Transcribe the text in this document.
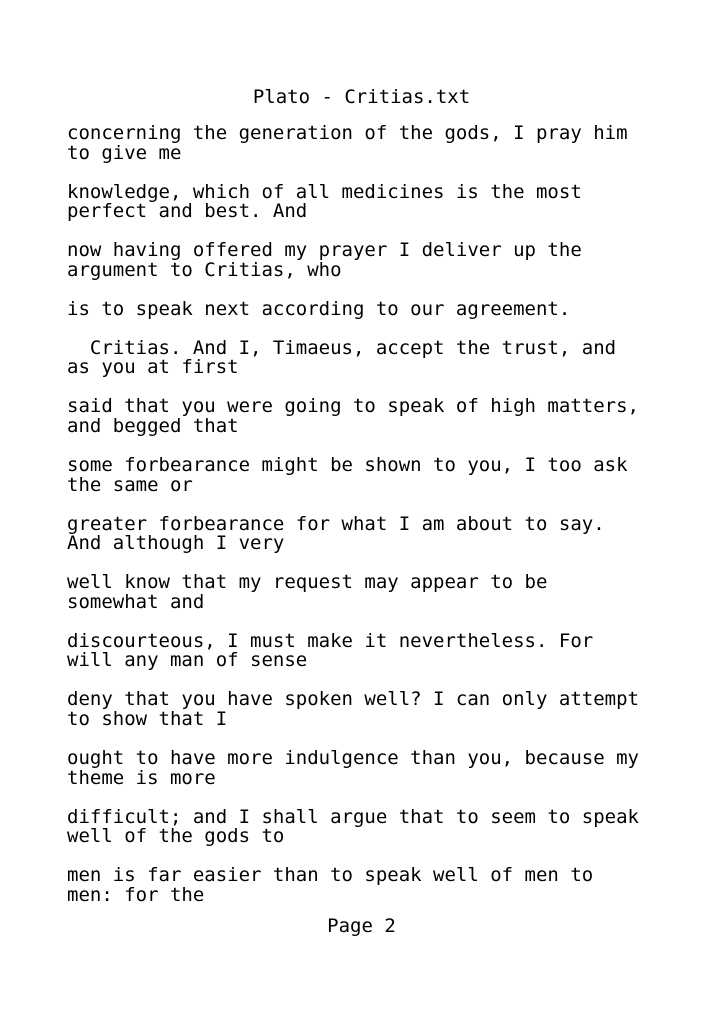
Plato - Critias.txt
concerning the generation of the gods, I pray him
to give me
knowledge, which of all medicines is the most
perfect and best. And
now having offered my prayer I deliver up the
argument to Critias, who
is to speak next according to our agreement.
Critias. And I, Timaeus, accept the trust, and
as you at first
said that you were going to speak of high matters,
and begged that
some forbearance might be shown to you, I too ask
the same or
greater forbearance for what I am about to say.
And although I very
well know that my request may appear to be
somewhat and
discourteous, I must make it nevertheless. For
will any man of sense
deny that you have spoken well? I can only attempt
to show that I
ought to have more indulgence than you, because my
theme is more
difficult; and I shall argue that to seem to speak
well of the gods to
men is far easier than to speak well of men to
men: for the
Page 2
